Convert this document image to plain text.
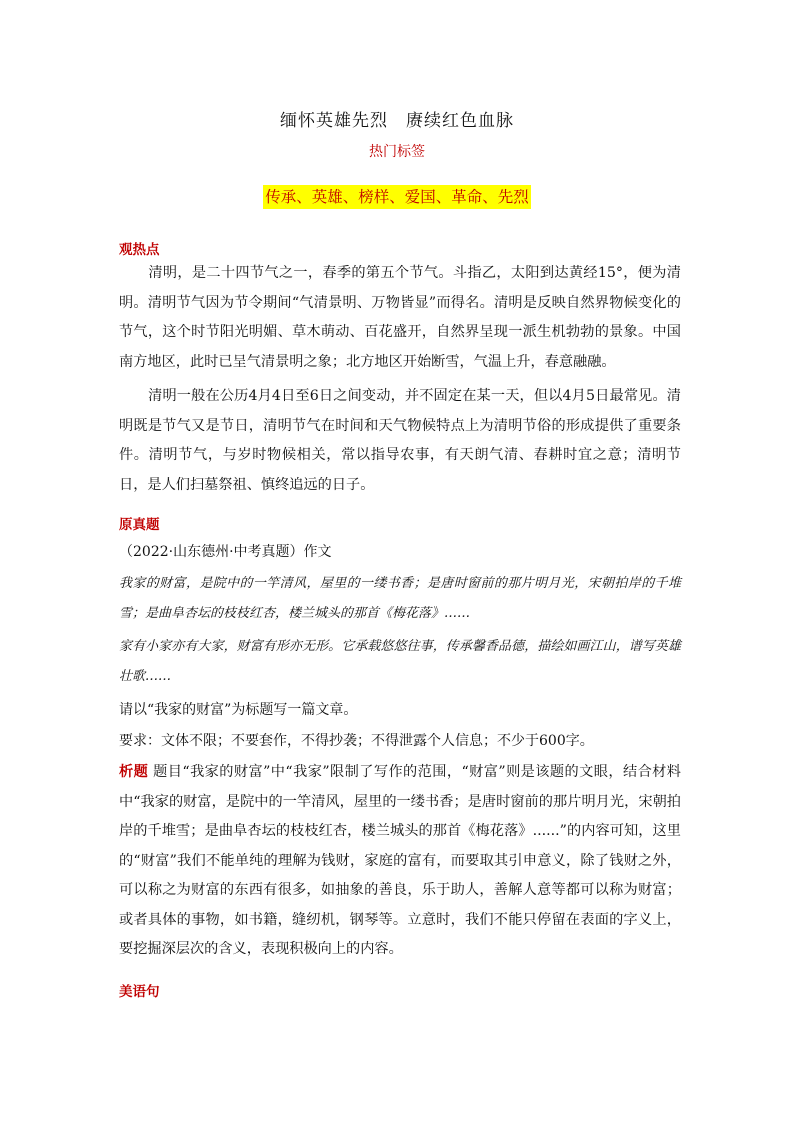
缅怀英雄先烈　赓续红色血脉
热门标签
传承、英雄、榜样、爱国、革命、先烈
观热点
清明，是二十四节气之一，春季的第五个节气。斗指乙，太阳到达黄经15°，便为清明。清明节气因为节令期间“气清景明、万物皆显”而得名。清明是反映自然界物候变化的节气，这个时节阳光明媚、草木萌动、百花盛开，自然界呈现一派生机勃勃的景象。中国南方地区，此时已呈气清景明之象；北方地区开始断雪，气温上升，春意融融。
清明一般在公历4月4日至6日之间变动，并不固定在某一天，但以4月5日最常见。清明既是节气又是节日，清明节气在时间和天气物候特点上为清明节俗的形成提供了重要条件。清明节气，与岁时物候相关，常以指导农事，有天朗气清、春耕时宜之意；清明节日，是人们扫墓祭祖、慎终追远的日子。
原真题
（2022·山东德州·中考真题）作文
我家的财富，是院中的一竿清风，屋里的一缕书香；是唐时窗前的那片明月光，宋朝拍岸的千堆雪；是曲阜杏坛的枝枝红杏，楼兰城头的那首《梅花落》……
家有小家亦有大家，财富有形亦无形。它承载悠悠往事，传承馨香品德，描绘如画江山，谱写英雄壮歌……
请以“我家的财富”为标题写一篇文章。
要求：文体不限；不要套作，不得抄袭；不得泄露个人信息；不少于600字。
析题 题目“我家的财富”中“我家”限制了写作的范围，“财富”则是该题的文眼，结合材料中“我家的财富，是院中的一竿清风，屋里的一缕书香；是唐时窗前的那片明月光，宋朝拍岸的千堆雪；是曲阜杏坛的枝枝红杏，楼兰城头的那首《梅花落》......”的内容可知，这里的“财富”我们不能单纯的理解为钱财，家庭的富有，而要取其引申意义，除了钱财之外，可以称之为财富的东西有很多，如抽象的善良，乐于助人，善解人意等都可以称为财富；或者具体的事物，如书籍，缝纫机，钢琴等。立意时，我们不能只停留在表面的字义上，要挖掘深层次的含义，表现积极向上的内容。
美语句
